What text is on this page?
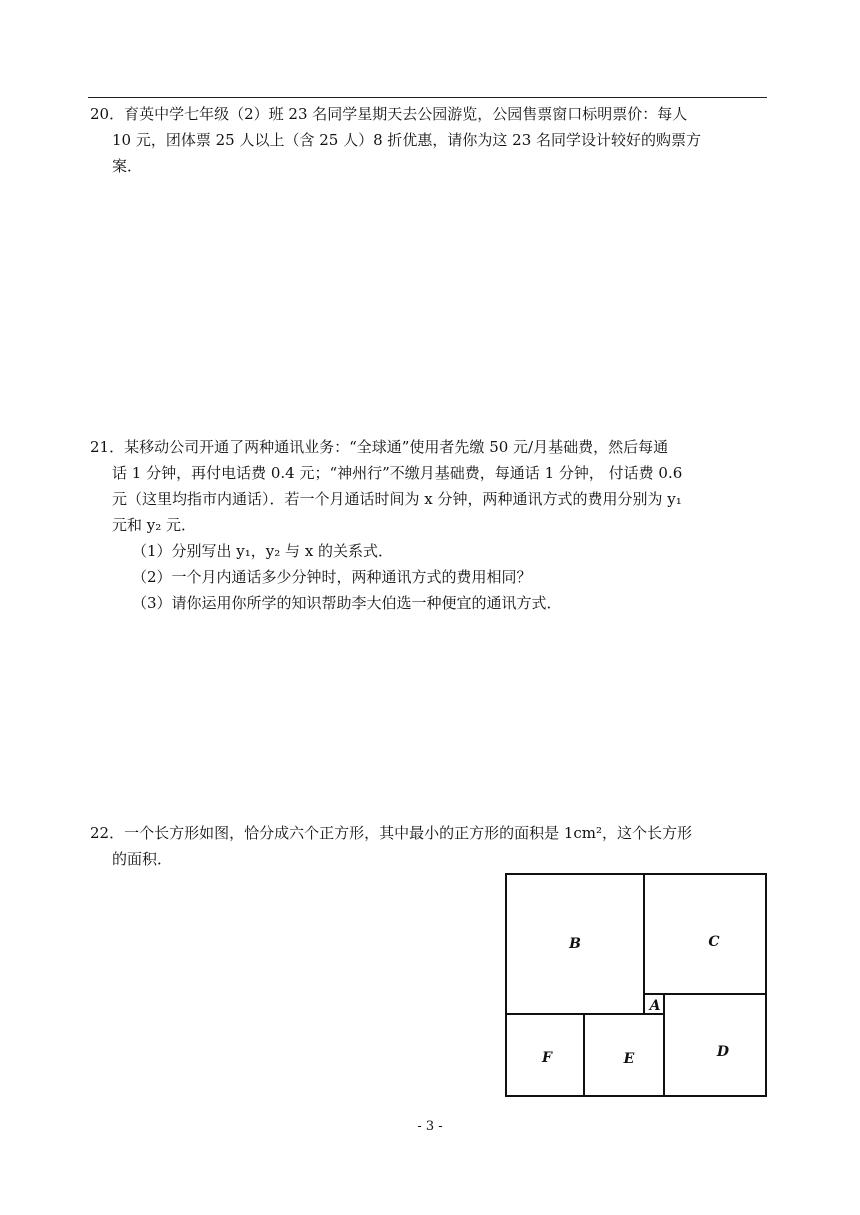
20．育英中学七年级（2）班 23 名同学星期天去公园游览，公园售票窗口标明票价：每人

10 元，团体票 25 人以上（含 25 人）8 折优惠，请你为这 23 名同学设计较好的购票方

案．

21．某移动公司开通了两种通讯业务：“全球通”使用者先缴 50 元/月基础费，然后每通

话 1 分钟，再付电话费 0.4 元；“神州行”不缴月基础费，每通话 1 分钟， 付话费 0.6

元（这里均指市内通话）．若一个月通话时间为 x 分钟，两种通讯方式的费用分别为 y₁

元和 y₂ 元．

（1）分别写出 y₁，y₂ 与 x 的关系式．

（2）一个月内通话多少分钟时，两种通讯方式的费用相同？

（3）请你运用你所学的知识帮助李大伯选一种便宜的通讯方式．

22．一个长方形如图，恰分成六个正方形，其中最小的正方形的面积是 1cm²，这个长方形

的面积．

B	C
A
D
F	E
- 3 -
